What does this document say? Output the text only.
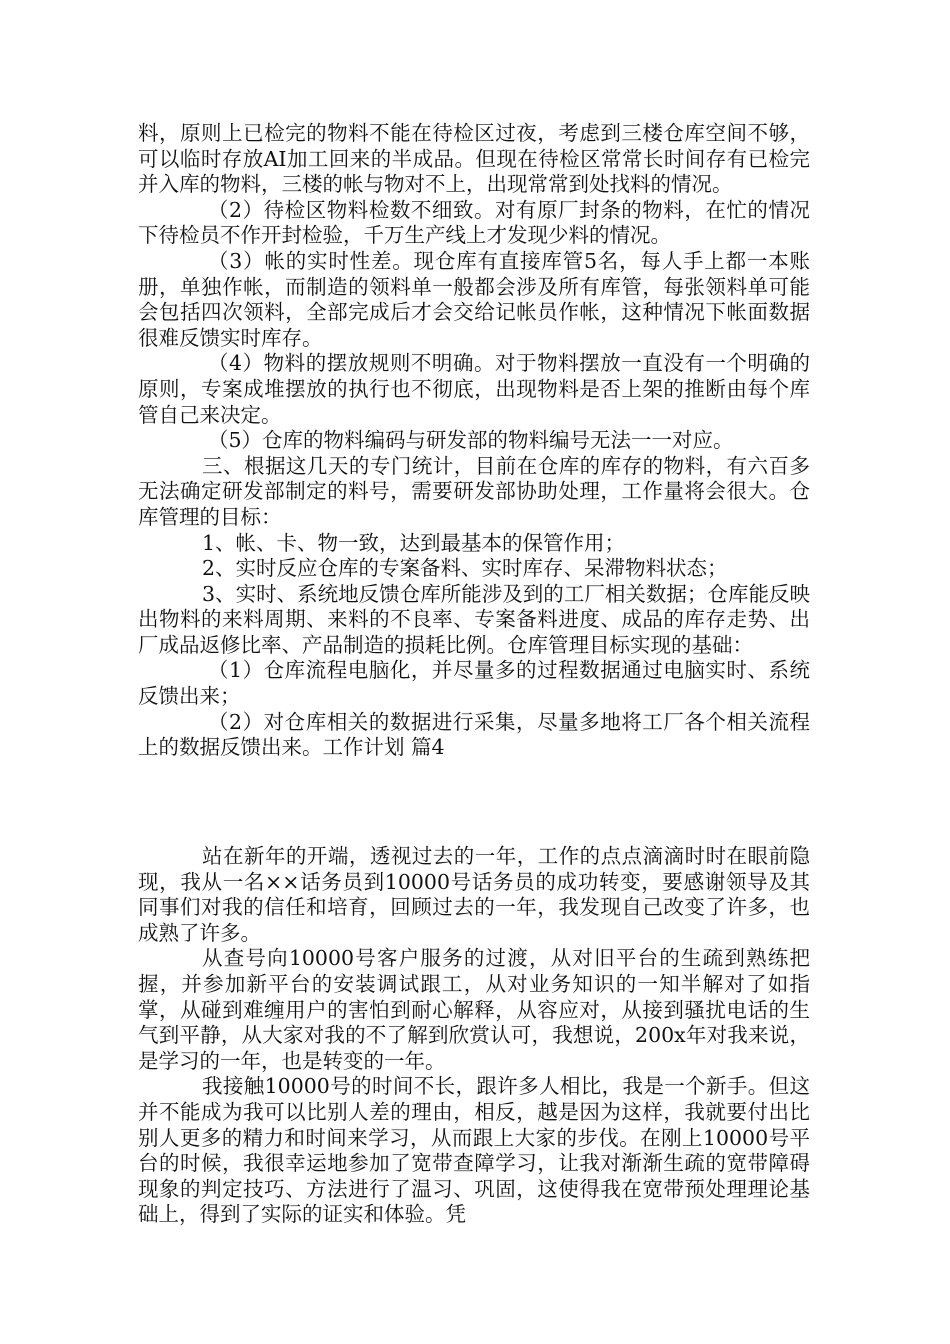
料，原则上已检完的物料不能在待检区过夜，考虑到三楼仓库空间不够，可以临时存放AI加工回来的半成品。但现在待检区常常长时间存有已检完并入库的物料，三楼的帐与物对不上，出现常常到处找料的情况。

（2）待检区物料检数不细致。对有原厂封条的物料，在忙的情况下待检员不作开封检验，千万生产线上才发现少料的情况。

（3）帐的实时性差。现仓库有直接库管5名，每人手上都一本账册，单独作帐，而制造的领料单一般都会涉及所有库管，每张领料单可能会包括四次领料，全部完成后才会交给记帐员作帐，这种情况下帐面数据很难反馈实时库存。

（4）物料的摆放规则不明确。对于物料摆放一直没有一个明确的原则，专案成堆摆放的执行也不彻底，出现物料是否上架的推断由每个库管自己来决定。

（5）仓库的物料编码与研发部的物料编号无法一一对应。

三、根据这几天的专门统计，目前在仓库的库存的物料，有六百多无法确定研发部制定的料号，需要研发部协助处理，工作量将会很大。仓库管理的目标：

1、帐、卡、物一致，达到最基本的保管作用；

2、实时反应仓库的专案备料、实时库存、呆滞物料状态；

3、实时、系统地反馈仓库所能涉及到的工厂相关数据；仓库能反映出物料的来料周期、来料的不良率、专案备料进度、成品的库存走势、出厂成品返修比率、产品制造的损耗比例。仓库管理目标实现的基础：

（1）仓库流程电脑化，并尽量多的过程数据通过电脑实时、系统反馈出来；

（2）对仓库相关的数据进行采集，尽量多地将工厂各个相关流程上的数据反馈出来。工作计划 篇4

站在新年的开端，透视过去的一年，工作的点点滴滴时时在眼前隐现，我从一名××话务员到10000号话务员的成功转变，要感谢领导及其同事们对我的信任和培育，回顾过去的一年，我发现自己改变了许多，也成熟了许多。

从查号向10000号客户服务的过渡，从对旧平台的生疏到熟练把握，并参加新平台的安装调试跟工，从对业务知识的一知半解对了如指掌，从碰到难缠用户的害怕到耐心解释，从容应对，从接到骚扰电话的生气到平静，从大家对我的不了解到欣赏认可，我想说，200x年对我来说，是学习的一年，也是转变的一年。

我接触10000号的时间不长，跟许多人相比，我是一个新手。但这并不能成为我可以比别人差的理由，相反，越是因为这样，我就要付出比别人更多的精力和时间来学习，从而跟上大家的步伐。在刚上10000号平台的时候，我很幸运地参加了宽带查障学习，让我对渐渐生疏的宽带障碍现象的判定技巧、方法进行了温习、巩固，这使得我在宽带预处理理论基础上，得到了实际的证实和体验。凭
